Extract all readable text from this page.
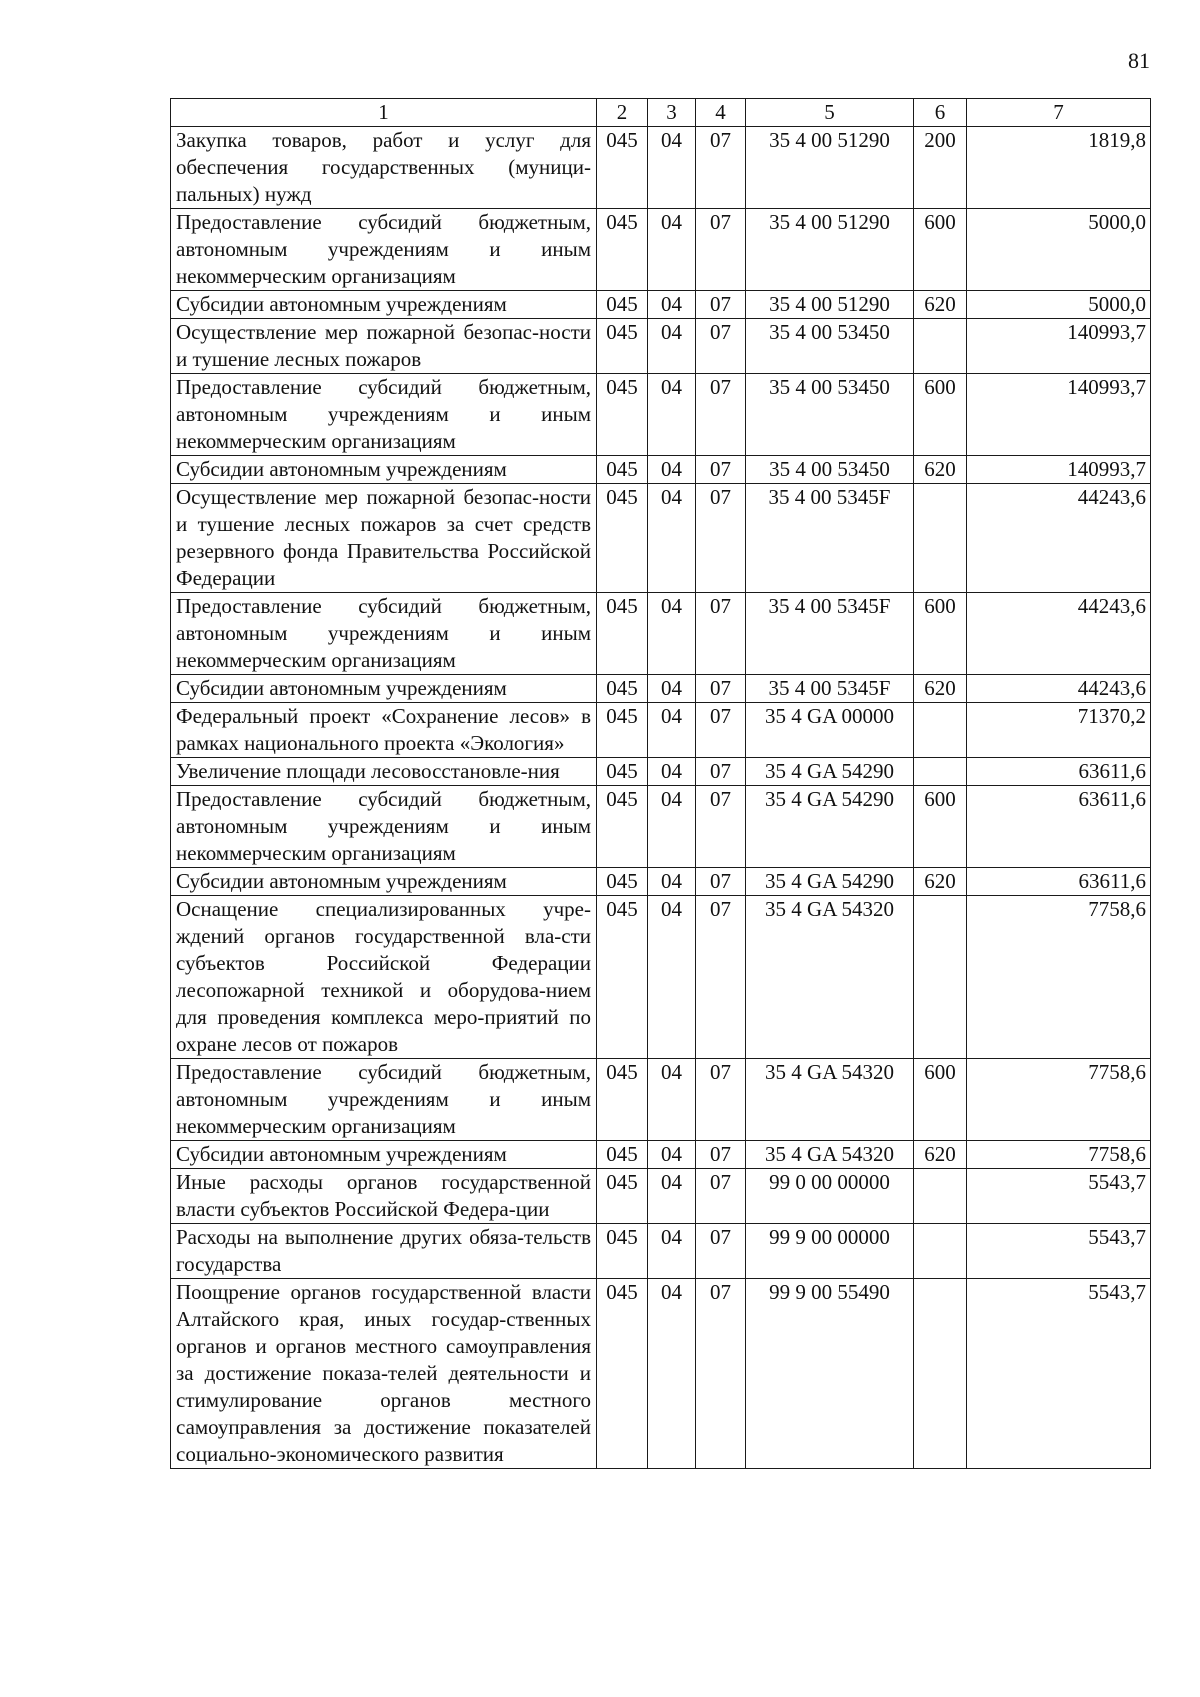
81
1	2	3	4	5	6	7
Закупка товаров, работ и услуг для обеспечения государственных (муници-пальных) нужд	045	04	07	35 4 00 51290	200	1819,8
Предоставление субсидий бюджетным, автономным учреждениям и иным некоммерческим организациям	045	04	07	35 4 00 51290	600	5000,0
Субсидии автономным учреждениям	045	04	07	35 4 00 51290	620	5000,0
Осуществление мер пожарной безопас-ности и тушение лесных пожаров	045	04	07	35 4 00 53450		140993,7
Предоставление субсидий бюджетным, автономным учреждениям и иным некоммерческим организациям	045	04	07	35 4 00 53450	600	140993,7
Субсидии автономным учреждениям	045	04	07	35 4 00 53450	620	140993,7
Осуществление мер пожарной безопас-ности и тушение лесных пожаров за счет средств резервного фонда Правительства Российской Федерации	045	04	07	35 4 00 5345F		44243,6
Предоставление субсидий бюджетным, автономным учреждениям и иным некоммерческим организациям	045	04	07	35 4 00 5345F	600	44243,6
Субсидии автономным учреждениям	045	04	07	35 4 00 5345F	620	44243,6
Федеральный проект «Сохранение лесов» в рамках национального проекта «Экология»	045	04	07	35 4 GA 00000		71370,2
Увеличение площади лесовосстановле-ния	045	04	07	35 4 GA 54290		63611,6
Предоставление субсидий бюджетным, автономным учреждениям и иным некоммерческим организациям	045	04	07	35 4 GA 54290	600	63611,6
Субсидии автономным учреждениям	045	04	07	35 4 GA 54290	620	63611,6
Оснащение специализированных учре-ждений органов государственной вла-сти субъектов Российской Федерации лесопожарной техникой и оборудова-нием для проведения комплекса меро-приятий по охране лесов от пожаров	045	04	07	35 4 GA 54320		7758,6
Предоставление субсидий бюджетным, автономным учреждениям и иным некоммерческим организациям	045	04	07	35 4 GA 54320	600	7758,6
Субсидии автономным учреждениям	045	04	07	35 4 GA 54320	620	7758,6
Иные расходы органов государственной власти субъектов Российской Федера-ции	045	04	07	99 0 00 00000		5543,7
Расходы на выполнение других обяза-тельств государства	045	04	07	99 9 00 00000		5543,7
Поощрение органов государственной власти Алтайского края, иных государ-ственных органов и органов местного самоуправления за достижение показа-телей деятельности и стимулирование органов местного самоуправления за достижение показателей социально-экономического развития	045	04	07	99 9 00 55490		5543,7
